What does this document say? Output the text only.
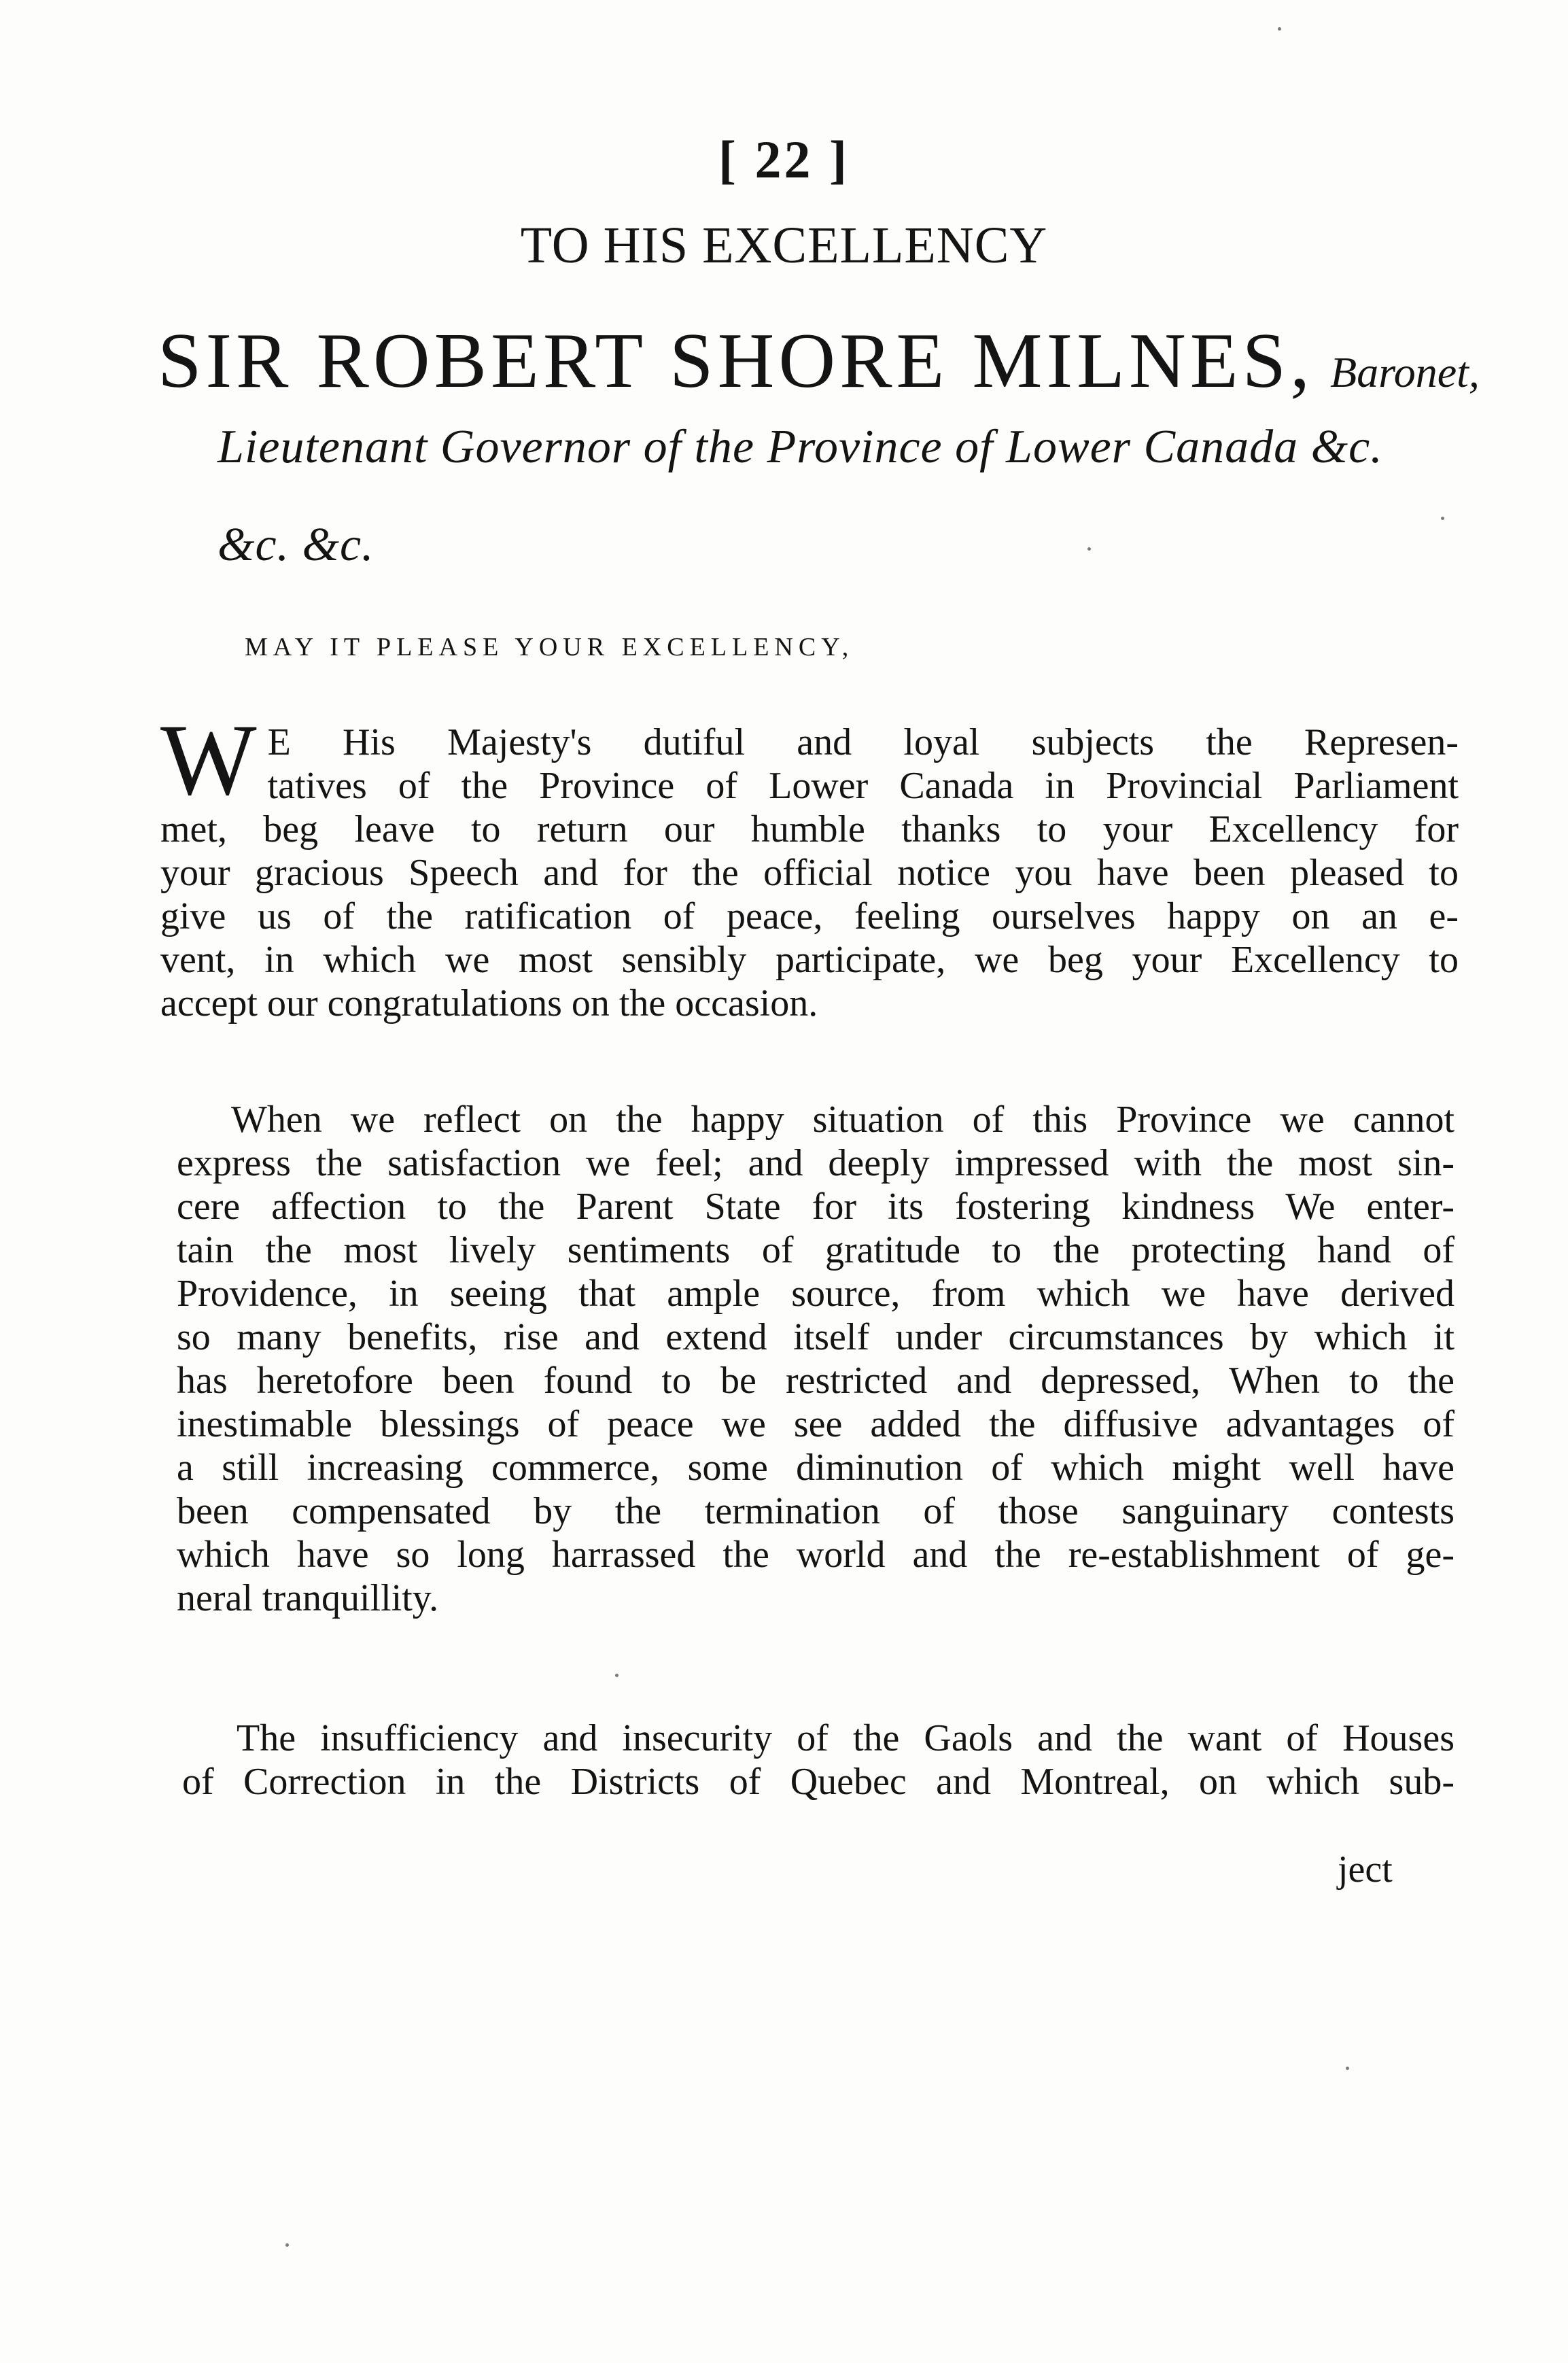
[ 22 ]
TO HIS EXCELLENCY
SIR ROBERT SHORE MILNES, Baronet,
Lieutenant Governor of the Province of Lower Canada &c.
&c. &c.
MAY IT PLEASE YOUR EXCELLENCY,
W E His Majesty's dutiful and loyal subjects the Represen-
tatives of the Province of Lower Canada in Provincial Parliament
met, beg leave to return our humble thanks to your Excellency for
your gracious Speech and for the official notice you have been pleased to
give us of the ratification of peace, feeling ourselves happy on an e-
vent, in which we most sensibly participate, we beg your Excellency to
accept our congratulations on the occasion.
When we reflect on the happy situation of this Province we cannot
express the satisfaction we feel; and deeply impressed with the most sin-
cere affection to the Parent State for its fostering kindness We enter-
tain the most lively sentiments of gratitude to the protecting hand of
Providence, in seeing that ample source, from which we have derived
so many benefits, rise and extend itself under circumstances by which it
has heretofore been found to be restricted and depressed, When to the
inestimable blessings of peace we see added the diffusive advantages of
a still increasing commerce, some diminution of which might well have
been compensated by the termination of those sanguinary contests
which have so long harrassed the world and the re-establishment of ge-
neral tranquillity.
The insufficiency and insecurity of the Gaols and the want of Houses
of Correction in the Districts of Quebec and Montreal, on which sub-
ject
